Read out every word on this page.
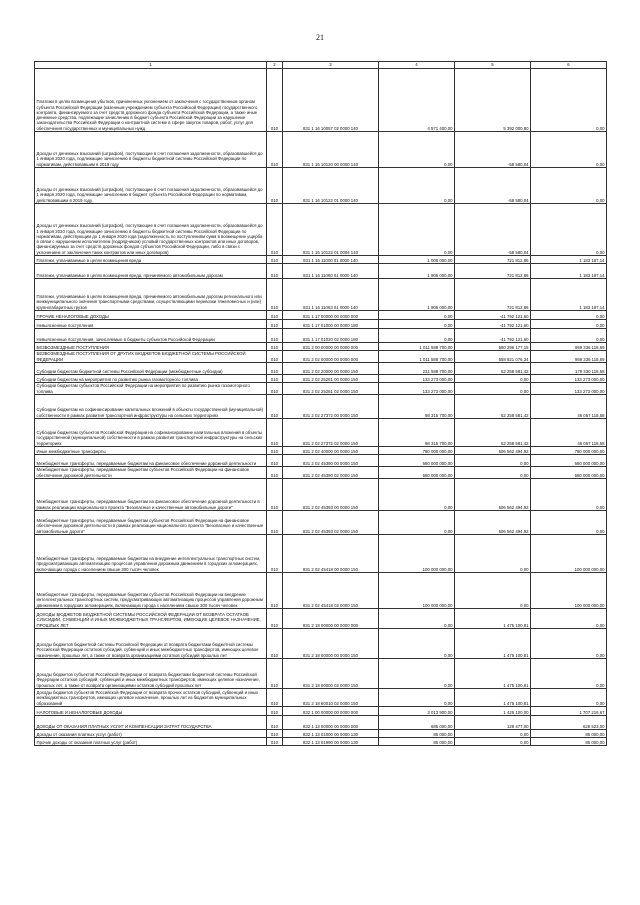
21
1	2	3	4	5	6
Платежи в целях возмещения убытков, причиненных уклонением от заключения с государственным органом субъекта Российской Федерации (казенным учреждением субъекта Российской Федерации) государственного контракта, финансируемого за счет средств дорожного фонда субъекта Российской Федерации, а также иные денежные средства, подлежащие зачислению в бюджет субъекта Российской Федерации за нарушение законодательства Российской Федерации о контрактной системе в сфере закупок товаров, работ, услуг для обеспечения государственных и муниципальных нужд	010	831 1 16 10057 02 0000 140	4 571 400,00	5 392 000,80	0,00
Доходы от денежных взысканий (штрафов), поступающие в счет погашения задолженности, образовавшейся до 1 января 2020 года, подлежащие зачислению в бюджеты бюджетной системы Российской Федерации по нормативам, действовавшим в 2019 году	010	831 1 16 10120 00 0000 140	0,00	-58 580,04	0,00
Доходы от денежных взысканий (штрафов), поступающие в счет погашения задолженности, образовавшейся до 1 января 2020 года, подлежащие зачислению в бюджет субъекта Российской Федерации по нормативам, действовавшим в 2019 году	010	831 1 16 10122 01 0000 140	0,00	-58 580,04	0,00
Доходы от денежных взысканий (штрафов), поступающие в счет погашения задолженности, образовавшейся до 1 января 2020 года, подлежащие зачислению в бюджеты бюджетной системы Российской Федерации по нормативам, действующим до 1 января 2020 года (задолженность по поступлениям сумм в возмещение ущерба в связи с нарушением исполнителем (подрядчиком) условий государственных контрактов или иных договоров, финансируемых за счет средств дорожных фондов субъектов Российской Федерации, либо в связи с уклонением от заключения таких контрактов или иных договоров)	010	831 1 16 10122 01 0004 140	0,00	-58 580,04	0,00
Платежи, уплачиваемые в целях возмещения вреда	010	831 1 16 11000 01 0000 140	1 005 000,00	721 812,86	1 183 187,14
Платежи, уплачиваемые в целях возмещения вреда, причиняемого автомобильным дорогам	010	831 1 16 11060 01 0000 140	1 905 000,00	721 812,86	1 183 187,14
Платежи, уплачиваемые в целях возмещения вреда, причиняемого автомобильным дорогам регионального или межмуниципального значения транспортными средствами, осуществляющими перевозки тяжеловесных и (или) крупногабаритных грузов	010	831 1 16 11063 01 0000 140	1 905 000,00	721 812,86	1 183 187,14
ПРОЧИЕ НЕНАЛОГОВЫЕ ДОХОДЫ	010	831 1 17 00000 00 0000 000	0,00	-41 792 121,60	0,00
Невыясненные поступления	010	831 1 17 01000 00 0000 180	0,00	-41 792 121,60	0,00
Невыясненные поступления, зачисляемые в бюджеты субъектов Российской Федерации	010	831 1 17 01020 02 0000 180	0,00	-41 792 121,60	0,00
БЕЗВОЗМЕЗДНЫЕ ПОСТУПЛЕНИЯ	010	831 2 00 00000 00 0000 000	1 011 588 700,00	580 296 177,15	959 336 118,69
БЕЗВОЗМЕЗДНЫЕ ПОСТУПЛЕНИЯ ОТ ДРУГИХ БЮДЖЕТОВ БЮДЖЕТНОЙ СИСТЕМЫ РОССИЙСКОЙ ФЕДЕРАЦИИ	010	831 2 02 00000 00 0000 000	1 011 588 700,00	558 821 076,34	959 336 118,69
Субсидии бюджетам бюджетной системы Российской Федерации (межбюджетные субсидии)	010	831 2 02 20000 00 0000 150	231 588 700,00	52 258 581,42	179 330 118,58
Субсидии бюджетам на мероприятия по развитию рынка газомоторного топлива	010	831 2 02 25261 00 0000 150	133 273 000,00	0,00	133 273 000,00
Субсидии бюджетам субъектов Российской Федерации на мероприятия по развитию рынка газомоторного топлива	010	831 2 02 25261 02 0000 150	133 273 000,00	0,00	133 273 000,00
Субсидии бюджетам на софинансирование капитальных вложений в объекты государственной (муниципальной) собственности в рамках развития транспортной инфраструктуры на сельских территориях	010	831 2 02 27372 00 0000 150	98 315 700,00	52 258 581,42	46 057 118,58
Субсидии бюджетам субъектов Российской Федерации на софинансирование капитальных вложений в объекты государственной (муниципальной) собственности в рамках развития транспортной инфраструктуры на сельских территориях	010	831 2 02 27372 02 0000 150	98 315 700,00	52 258 581,42	46 057 118,58
Иные межбюджетные трансферты	010	831 2 02 40000 00 0000 150	780 000 000,00	506 562 494,92	780 000 000,00
Межбюджетные трансферты, передаваемые бюджетам на финансовое обеспечение дорожной деятельности	010	831 2 02 45390 00 0000 150	680 000 000,00	0,00	680 000 000,00
Межбюджетные трансферты, передаваемые бюджетам субъектов Российской Федерации на финансовое обеспечение дорожной деятельности	010	831 2 02 45390 02 0000 150	680 000 000,00	0,00	680 000 000,00
Межбюджетные трансферты, передаваемые бюджетам на финансовое обеспечение дорожной деятельности в рамках реализации национального проекта "Безопасные и качественные автомобильные дороги"	010	831 2 02 45393 00 0000 150	0,00	506 562 494,92	0,00
Межбюджетные трансферты, передаваемые бюджетам субъектов Российской Федерации на финансовое обеспечение дорожной деятельности в рамках реализации национального проекта "Безопасные и качественные автомобильные дороги"	010	831 2 02 45393 02 0000 150	0,00	506 562 494,92	0,00
Межбюджетные трансферты, передаваемые бюджетам на внедрение интеллектуальных транспортных систем, предусматривающих автоматизацию процессов управления дорожным движением в городских агломерациях, включающих города с населением свыше 300 тысяч человек	010	831 2 02 45418 00 0000 150	100 000 000,00	0,00	100 000 000,00
Межбюджетные трансферты, передаваемые бюджетам субъектов Российской Федерации на внедрение интеллектуальных транспортных систем, предусматривающих автоматизацию процессов управления дорожным движением в городских агломерациях, включающих города с населением свыше 300 тысяч человек	010	831 2 02 45418 02 0000 150	100 000 000,00	0,00	100 000 000,00
ДОХОДЫ БЮДЖЕТОВ БЮДЖЕТНОЙ СИСТЕМЫ РОССИЙСКОЙ ФЕДЕРАЦИИ ОТ ВОЗВРАТА ОСТАТКОВ СУБСИДИЙ, СУБВЕНЦИЙ И ИНЫХ МЕЖБЮДЖЕТНЫХ ТРАНСФЕРТОВ, ИМЕЮЩИХ ЦЕЛЕВОЕ НАЗНАЧЕНИЕ, ПРОШЛЫХ ЛЕТ	010	831 2 18 00000 00 0000 000	0,00	1 475 100,81	0,00
Доходы бюджетов бюджетной системы Российской Федерации от возврата бюджетами бюджетной системы Российской Федерации остатков субсидий, субвенций и иных межбюджетных трансфертов, имеющих целевое назначение, прошлых лет, а также от возврата организациями остатков субсидий прошлых лет	010	831 2 18 00000 00 0000 150	0,00	1 475 100,81	0,00
Доходы бюджетов субъектов Российской Федерации от возврата бюджетами бюджетной системы Российской Федерации остатков субсидий, субвенций и иных межбюджетных трансфертов, имеющих целевое назначение, прошлых лет, а также от возврата организациями остатков субсидий прошлых лет	010	831 2 18 00000 02 0000 150	0,00	1 475 100,81	0,00
Доходы бюджетов субъектов Российской Федерации от возврата прочих остатков субсидий, субвенций и иных межбюджетных трансфертов, имеющих целевое назначение, прошлых лет из бюджетов муниципальных образований	010	831 2 18 60010 02 0000 150	0,00	1 475 100,81	0,00
НАЛОГОВЫЕ И НЕНАЛОГОВЫЕ ДОХОДЫ	010	832 1 00 00000 00 0000 000	3 013 900,00	1 425 100,00	1 707 216,67
ДОХОДЫ ОТ ОКАЗАНИЯ ПЛАТНЫХ УСЛУГ И КОМПЕНСАЦИИ ЗАТРАТ ГОСУДАРСТВА	010	832 1 13 00000 00 0000 000	685 000,00	128 477,00	628 523,00
Доходы от оказания платных услуг (работ)	010	832 1 13 01000 00 0000 130	85 000,00	0,00	85 000,00
Прочие доходы от оказания платных услуг (работ)	010	832 1 13 01990 00 0000 130	85 000,00	0,00	85 000,00
